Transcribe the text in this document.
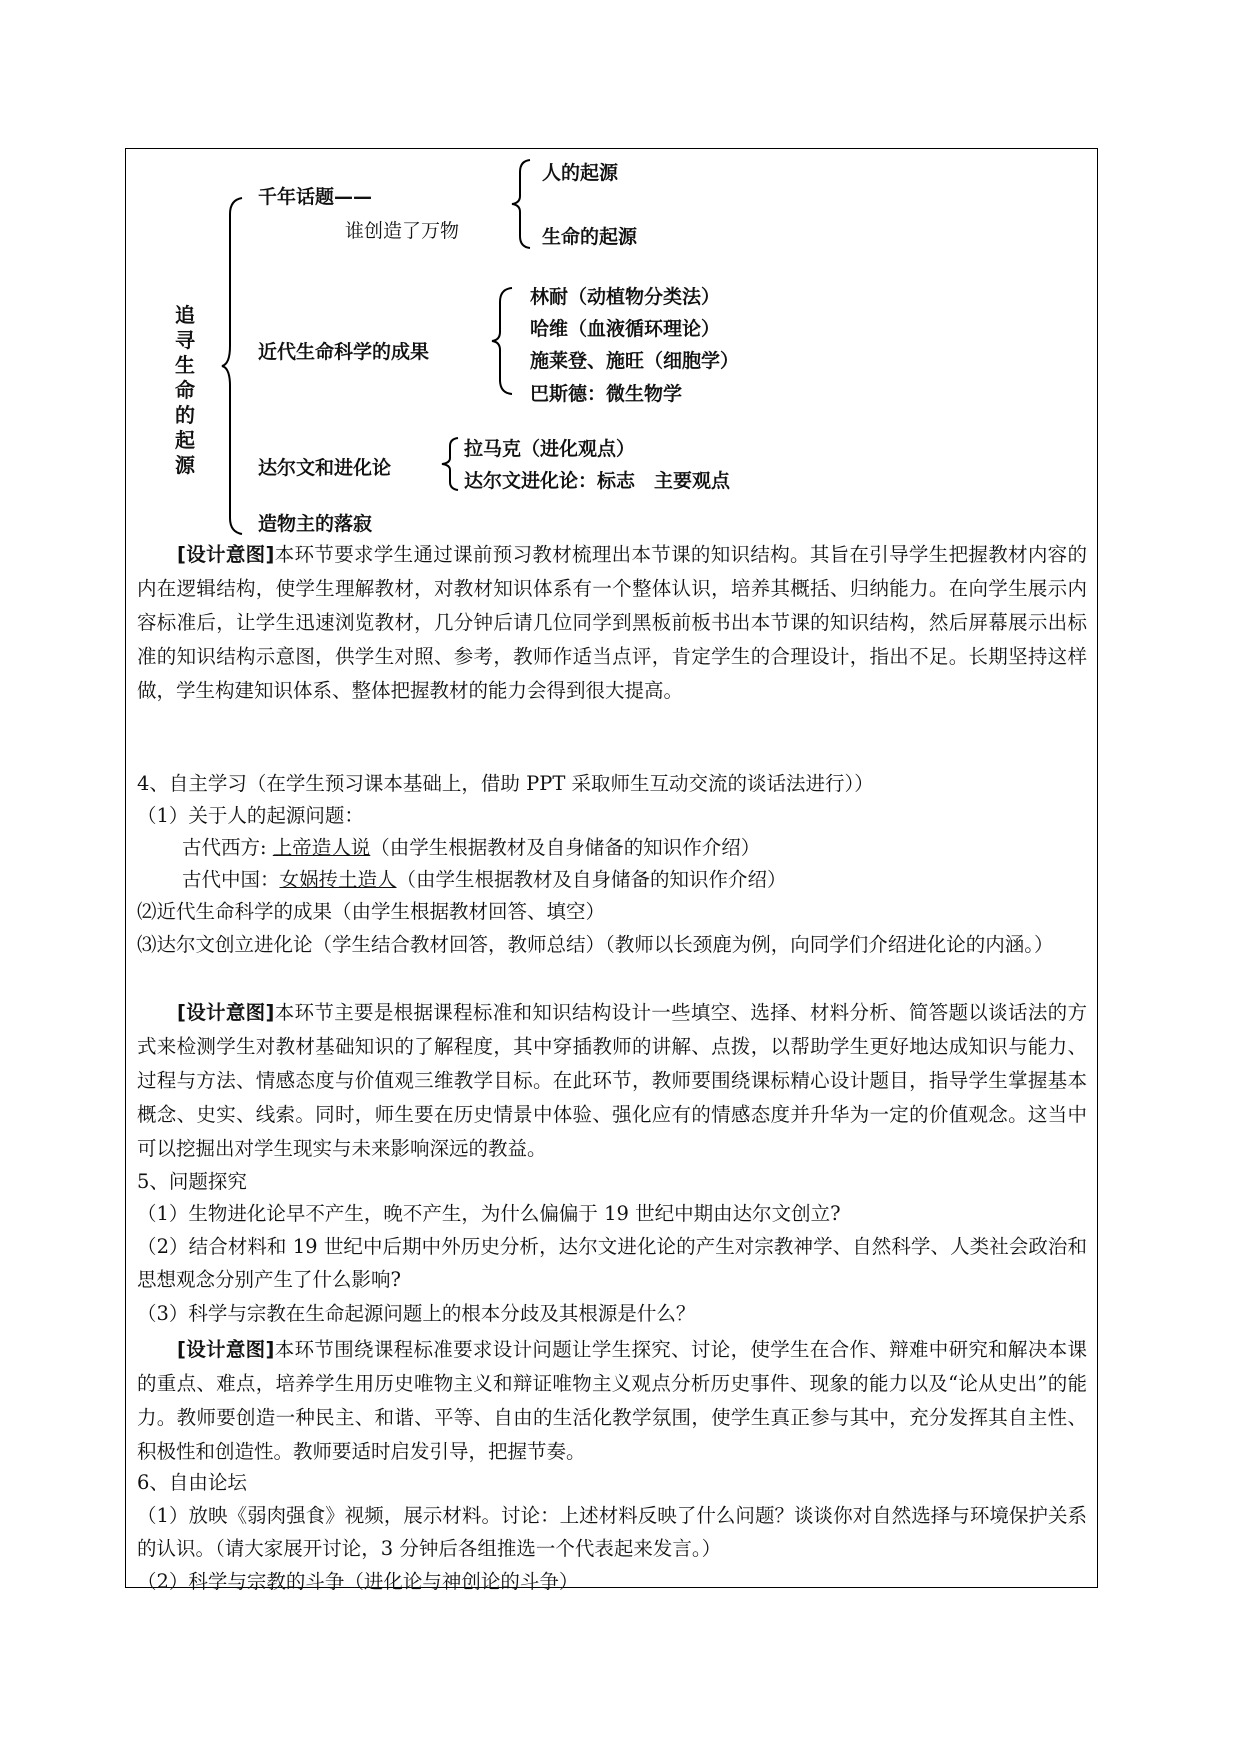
追
寻
生
命
的
起
源
千年话题——
谁创造了万物
人的起源
生命的起源
近代生命科学的成果
林耐（动植物分类法）
哈维（血液循环理论）
施莱登、施旺（细胞学）
巴斯德：微生物学
达尔文和进化论
拉马克（进化观点）
达尔文进化论：标志　主要观点
造物主的落寂
[设计意图]本环节要求学生通过课前预习教材梳理出本节课的知识结构。其旨在引导学生把握教材内容的内在逻辑结构，使学生理解教材，对教材知识体系有一个整体认识，培养其概括、归纳能力。在向学生展示内容标准后，让学生迅速浏览教材，几分钟后请几位同学到黑板前板书出本节课的知识结构，然后屏幕展示出标准的知识结构示意图，供学生对照、参考，教师作适当点评，肯定学生的合理设计，指出不足。长期坚持这样做，学生构建知识体系、整体把握教材的能力会得到很大提高。
4、自主学习（在学生预习课本基础上，借助 PPT 采取师生互动交流的谈话法进行））
（1）关于人的起源问题：
古代西方: 上帝造人说（由学生根据教材及自身储备的知识作介绍）
古代中国：女娲抟土造人（由学生根据教材及自身储备的知识作介绍）
⑵近代生命科学的成果（由学生根据教材回答、填空）
⑶达尔文创立进化论（学生结合教材回答，教师总结）（教师以长颈鹿为例，向同学们介绍进化论的内涵。）
[设计意图]本环节主要是根据课程标准和知识结构设计一些填空、选择、材料分析、简答题以谈话法的方式来检测学生对教材基础知识的了解程度，其中穿插教师的讲解、点拨，以帮助学生更好地达成知识与能力、过程与方法、情感态度与价值观三维教学目标。在此环节，教师要围绕课标精心设计题目，指导学生掌握基本概念、史实、线索。同时，师生要在历史情景中体验、强化应有的情感态度并升华为一定的价值观念。这当中可以挖掘出对学生现实与未来影响深远的教益。
5、问题探究
（1）生物进化论早不产生，晚不产生，为什么偏偏于 19 世纪中期由达尔文创立?
（2）结合材料和 19 世纪中后期中外历史分析，达尔文进化论的产生对宗教神学、自然科学、人类社会政治和思想观念分别产生了什么影响?
（3）科学与宗教在生命起源问题上的根本分歧及其根源是什么？
[设计意图]本环节围绕课程标准要求设计问题让学生探究、讨论，使学生在合作、辩难中研究和解决本课的重点、难点，培养学生用历史唯物主义和辩证唯物主义观点分析历史事件、现象的能力以及“论从史出”的能力。教师要创造一种民主、和谐、平等、自由的生活化教学氛围，使学生真正参与其中，充分发挥其自主性、积极性和创造性。教师要适时启发引导，把握节奏。
6、自由论坛
（1）放映《弱肉强食》视频，展示材料。讨论：上述材料反映了什么问题？谈谈你对自然选择与环境保护关系的认识。（请大家展开讨论，3 分钟后各组推选一个代表起来发言。）
（2）科学与宗教的斗争（进化论与神创论的斗争）
